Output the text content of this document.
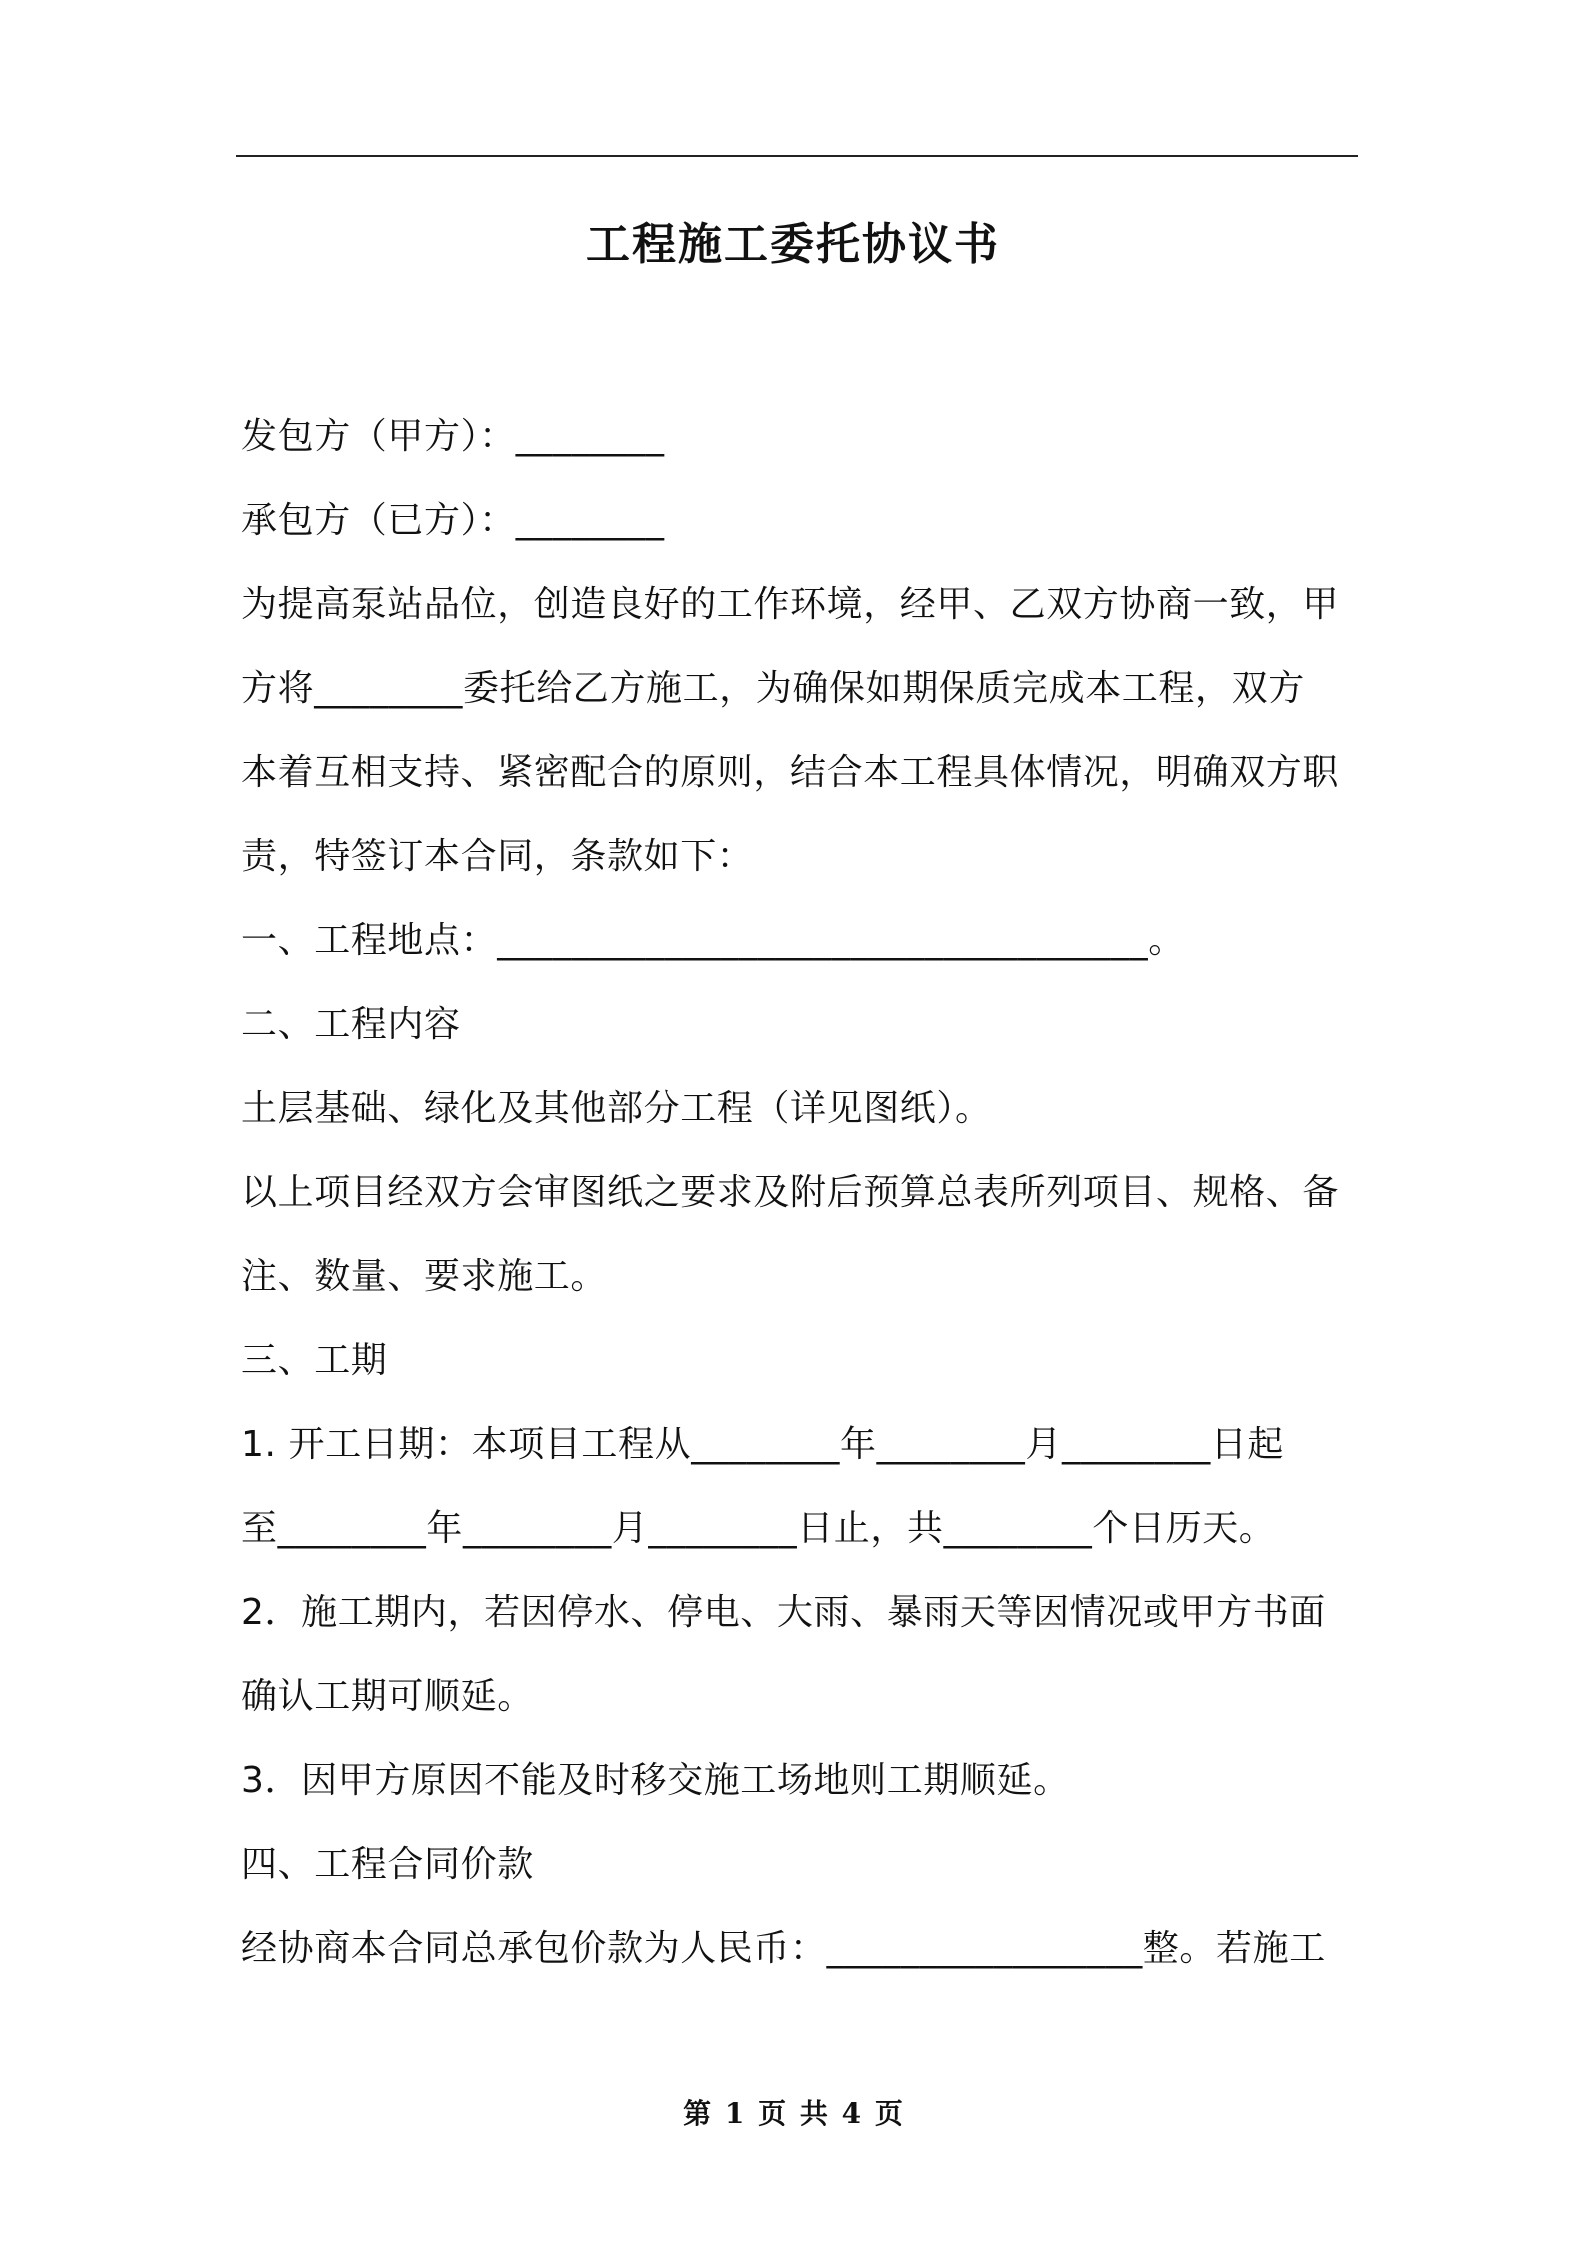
工程施工委托协议书
发包方（甲方）：________
承包方（已方）：________
为提高泵站品位，创造良好的工作环境，经甲、乙双方协商一致，甲
方将________委托给乙方施工，为确保如期保质完成本工程，双方
本着互相支持、紧密配合的原则，结合本工程具体情况，明确双方职
责，特签订本合同，条款如下：
一、工程地点：___________________________________。
二、工程内容
土层基础、绿化及其他部分工程（详见图纸）。
以上项目经双方会审图纸之要求及附后预算总表所列项目、规格、备
注、数量、要求施工。
三、工期
1. 开工日期：本项目工程从________年________月________日起
至________年________月________日止，共________个日历天。
2．施工期内，若因停水、停电、大雨、暴雨天等因情况或甲方书面
确认工期可顺延。
3．因甲方原因不能及时移交施工场地则工期顺延。
四、工程合同价款
经协商本合同总承包价款为人民币：_________________整。若施工
第 1 页 共 4 页
